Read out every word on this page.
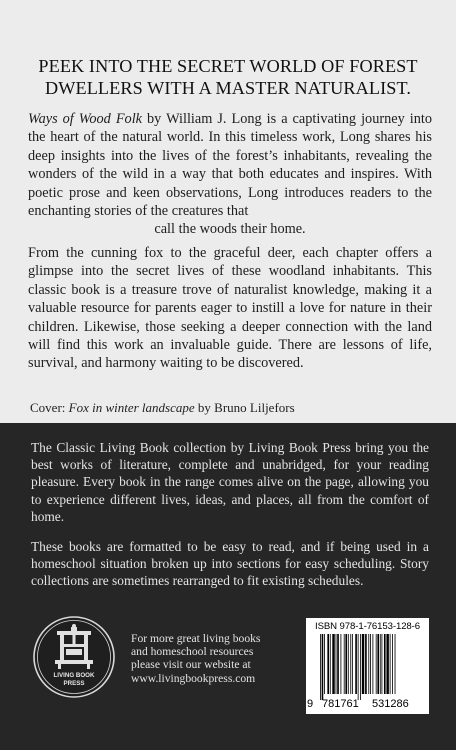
PEEK INTO THE SECRET WORLD OF FOREST
DWELLERS WITH A MASTER NATURALIST.
Ways of Wood Folk by William J. Long is a captivating journey into the heart of the natural world. In this timeless work, Long shares his deep insights into the lives of the forest’s inhabitants, revealing the wonders of the wild in a way that both educates and inspires. With poetic prose and keen observations, Long introduces readers to the enchanting stories of the creatures that
call the woods their home.
From the cunning fox to the graceful deer, each chapter offers a glimpse into the secret lives of these woodland inhabitants. This classic book is a treasure trove of naturalist knowledge, making it a valuable resource for parents eager to instill a love for nature in their children. Likewise, those seeking a deeper connection with the land will find this work an invaluable guide. There are lessons of life, survival, and harmony waiting to be discovered.
Cover: Fox in winter landscape by Bruno Liljefors
The Classic Living Book collection by Living Book Press bring you the best works of literature, complete and unabridged, for your reading pleasure. Every book in the range comes alive on the page, allowing you to experience different lives, ideas, and places, all from the comfort of home.
These books are formatted to be easy to read, and if being used in a homeschool situation broken up into sections for easy scheduling. Story collections are sometimes rearranged to fit existing schedules.
LIVING BOOK
PRESS
For more great living books
and homeschool resources
please visit our website at
www.livingbookpress.com
ISBN 978-1-76153-128-6
9 781761 531286
